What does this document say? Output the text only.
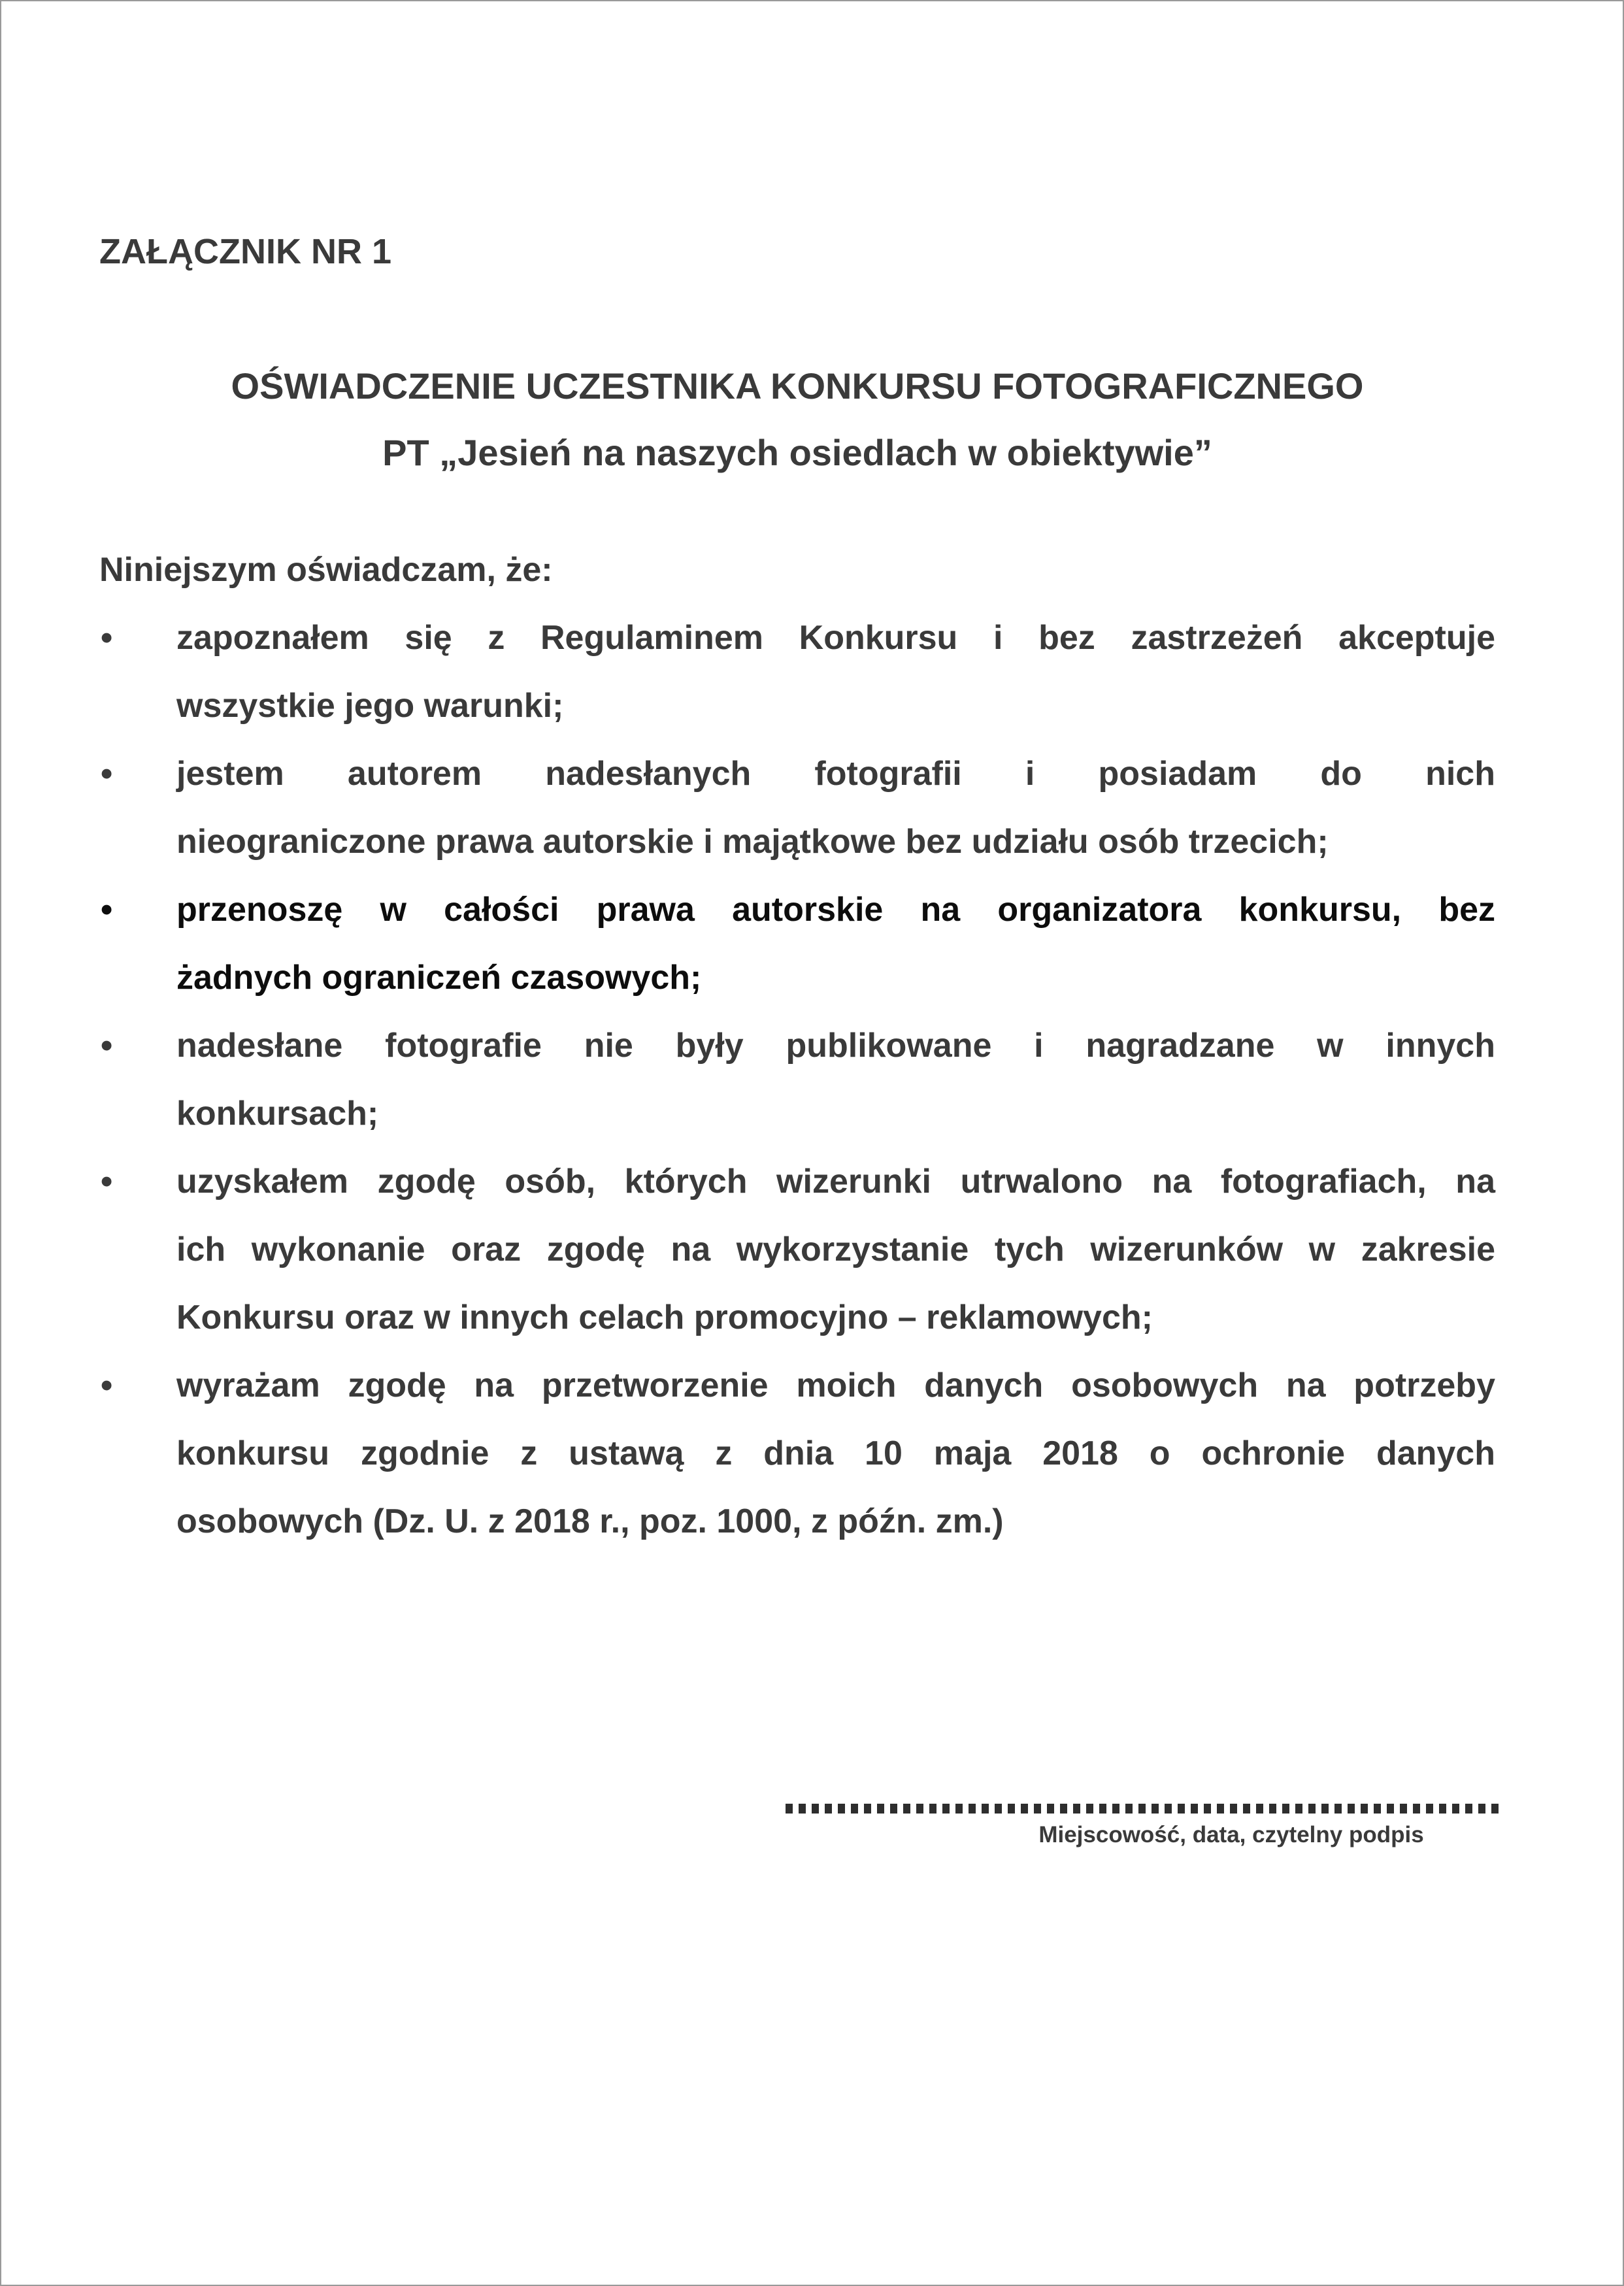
ZAŁĄCZNIK NR 1
OŚWIADCZENIE UCZESTNIKA KONKURSU FOTOGRAFICZNEGO
PT „Jesień na naszych osiedlach w obiektywie”
Niniejszym oświadczam, że:
•	zapoznałem się z Regulaminem Konkursu i bez zastrzeżeń akceptuje
wszystkie jego warunki;
•	jestem autorem nadesłanych fotografii i posiadam do nich
nieograniczone prawa autorskie i majątkowe bez udziału osób trzecich;
•	przenoszę w całości prawa autorskie na organizatora konkursu, bez
żadnych ograniczeń czasowych;
•	nadesłane fotografie nie były publikowane i nagradzane w innych
konkursach;
•	uzyskałem zgodę osób, których wizerunki utrwalono na fotografiach, na
ich wykonanie oraz zgodę na wykorzystanie tych wizerunków w zakresie
Konkursu oraz w innych celach promocyjno – reklamowych;
•	wyrażam zgodę na przetworzenie moich danych osobowych na potrzeby
konkursu zgodnie z ustawą z dnia 10 maja 2018 o ochronie danych
osobowych (Dz. U. z 2018 r., poz. 1000, z późn. zm.)
Miejscowość, data, czytelny podpis
